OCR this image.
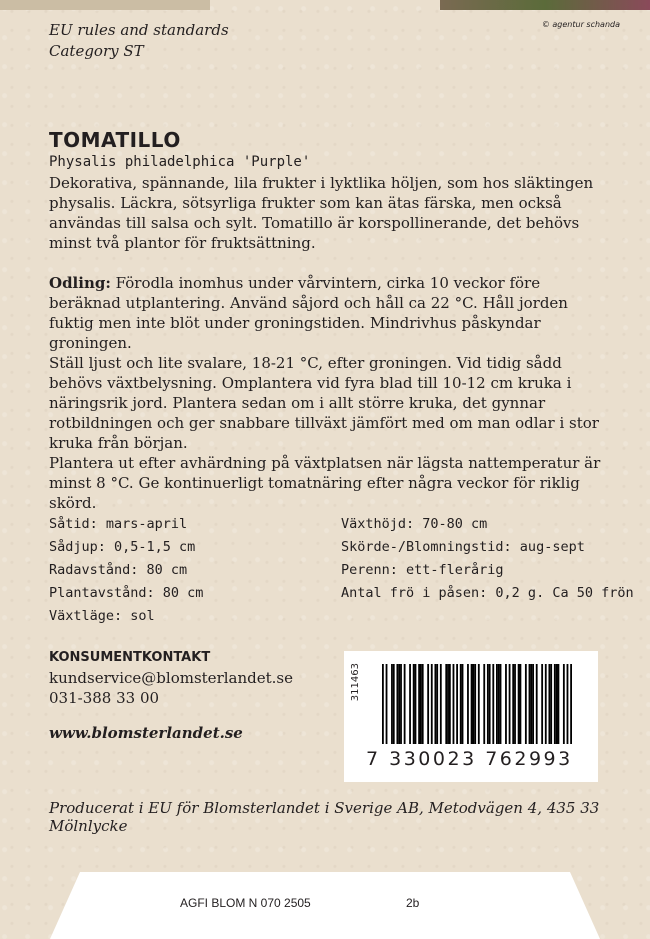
EU rules and standards
Category ST
© agentur schanda
TOMATILLO
Physalis philadelphica 'Purple'
Dekorativa, spännande, lila frukter i lyktlika höljen, som hos släktingen physalis. Läckra, sötsyrliga frukter som kan ätas färska, men också användas till salsa och sylt. Tomatillo är korspollinerande, det behövs minst två plantor för fruktsättning.
Odling: Förodla inomhus under vårvintern, cirka 10 veckor före beräknad utplantering. Använd såjord och håll ca 22 °C. Håll jorden fuktig men inte blöt under groningstiden. Mindrivhus påskyndar groningen.
Ställ ljust och lite svalare, 18-21 °C, efter groningen. Vid tidig sådd behövs växtbelysning. Omplantera vid fyra blad till 10-12 cm kruka i näringsrik jord. Plantera sedan om i allt större kruka, det gynnar rotbildningen och ger snabbare tillväxt jämfört med om man odlar i stor kruka från början.
Plantera ut efter avhärdning på växtplatsen när lägsta nattemperatur är minst 8 °C. Ge kontinuerligt tomatnäring efter några veckor för riklig skörd.
Såtid: mars-april
Sådjup: 0,5-1,5 cm
Radavstånd: 80 cm
Plantavstånd: 80 cm
Växtläge: sol
Växthöjd: 70-80 cm
Skörde-/Blomningstid: aug-sept
Perenn: ett-flerårig
Antal frö i påsen: 0,2 g. Ca 50 frön
KONSUMENTKONTAKT
kundservice@blomsterlandet.se
031-388 33 00
www.blomsterlandet.se
311463
7 330023 762993
Producerat i EU för Blomsterlandet i Sverige AB, Metodvägen 4, 435 33 Mölnlycke
AGFI BLOM N 070 2505	2b
